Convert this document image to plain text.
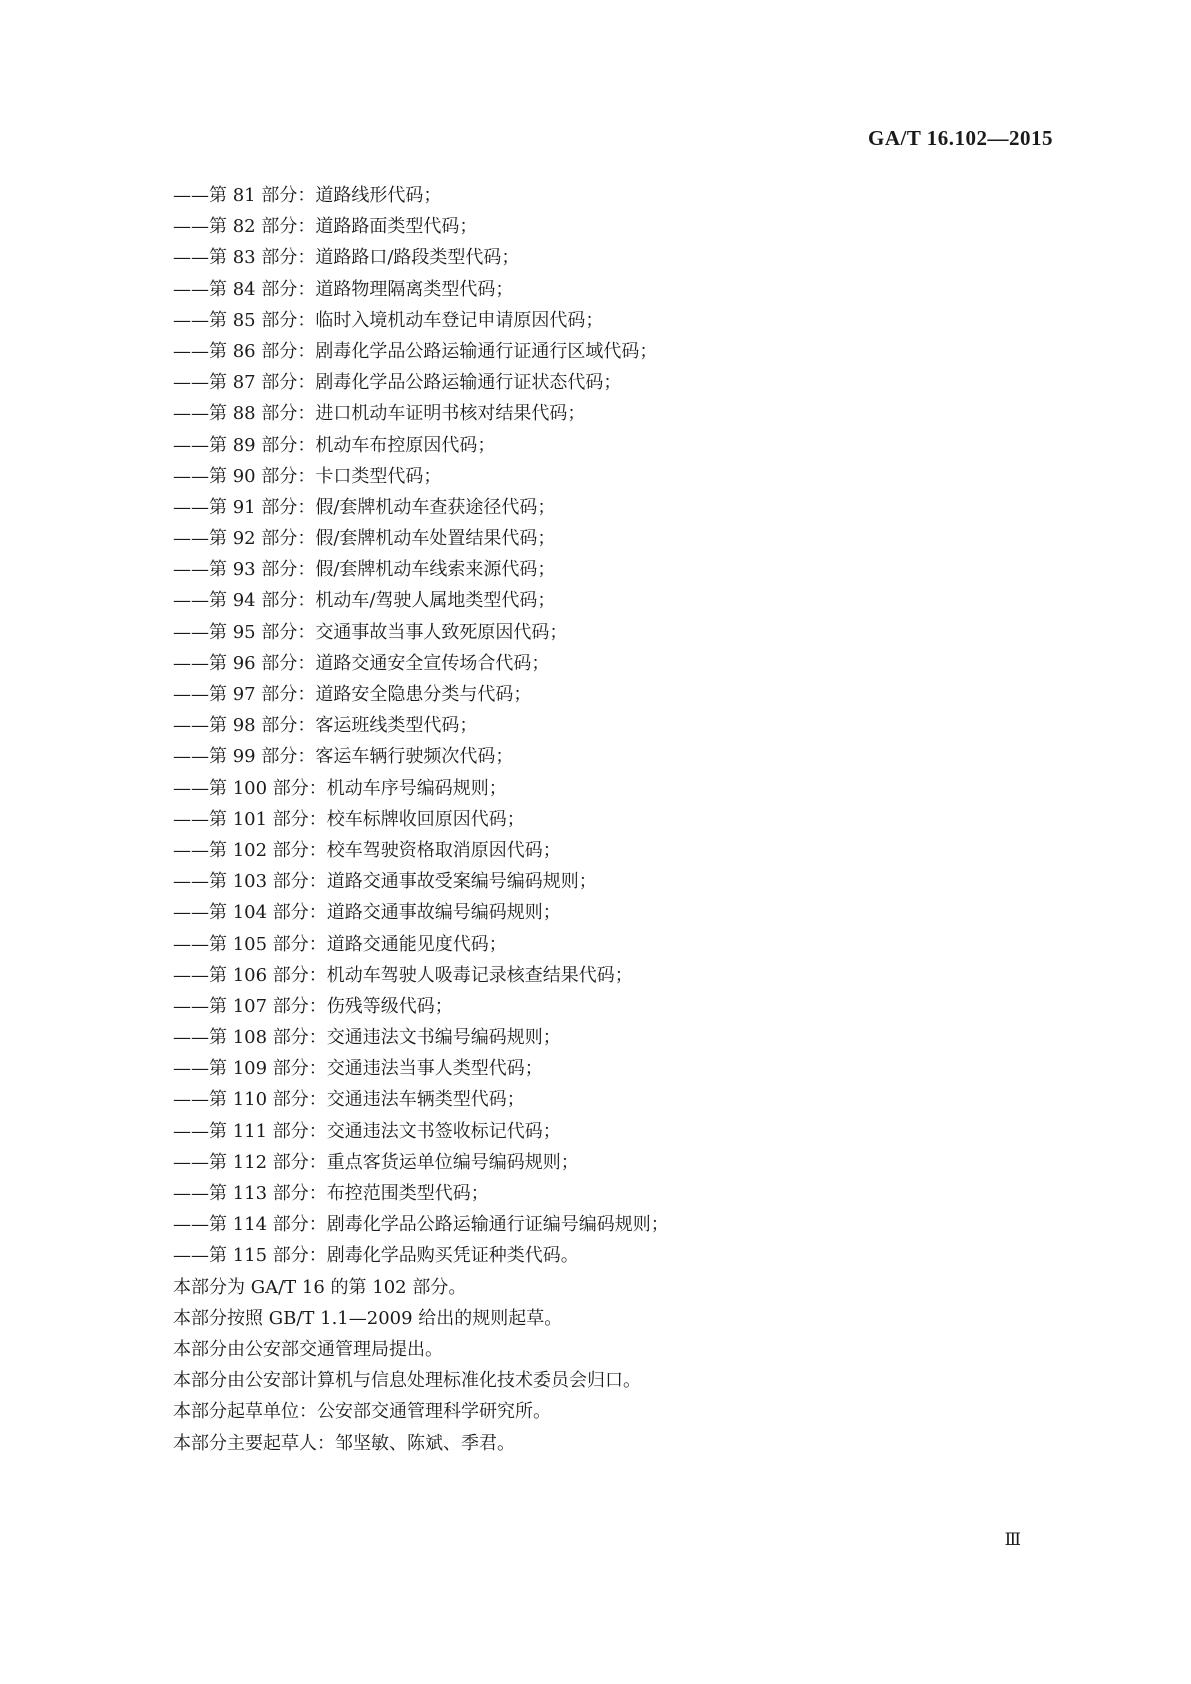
GA/T 16.102—2015
——第 81 部分：道路线形代码；
——第 82 部分：道路路面类型代码；
——第 83 部分：道路路口/路段类型代码；
——第 84 部分：道路物理隔离类型代码；
——第 85 部分：临时入境机动车登记申请原因代码；
——第 86 部分：剧毒化学品公路运输通行证通行区域代码；
——第 87 部分：剧毒化学品公路运输通行证状态代码；
——第 88 部分：进口机动车证明书核对结果代码；
——第 89 部分：机动车布控原因代码；
——第 90 部分：卡口类型代码；
——第 91 部分：假/套牌机动车查获途径代码；
——第 92 部分：假/套牌机动车处置结果代码；
——第 93 部分：假/套牌机动车线索来源代码；
——第 94 部分：机动车/驾驶人属地类型代码；
——第 95 部分：交通事故当事人致死原因代码；
——第 96 部分：道路交通安全宣传场合代码；
——第 97 部分：道路安全隐患分类与代码；
——第 98 部分：客运班线类型代码；
——第 99 部分：客运车辆行驶频次代码；
——第 100 部分：机动车序号编码规则；
——第 101 部分：校车标牌收回原因代码；
——第 102 部分：校车驾驶资格取消原因代码；
——第 103 部分：道路交通事故受案编号编码规则；
——第 104 部分：道路交通事故编号编码规则；
——第 105 部分：道路交通能见度代码；
——第 106 部分：机动车驾驶人吸毒记录核查结果代码；
——第 107 部分：伤残等级代码；
——第 108 部分：交通违法文书编号编码规则；
——第 109 部分：交通违法当事人类型代码；
——第 110 部分：交通违法车辆类型代码；
——第 111 部分：交通违法文书签收标记代码；
——第 112 部分：重点客货运单位编号编码规则；
——第 113 部分：布控范围类型代码；
——第 114 部分：剧毒化学品公路运输通行证编号编码规则；
——第 115 部分：剧毒化学品购买凭证种类代码。
本部分为 GA/T 16 的第 102 部分。
本部分按照 GB/T 1.1—2009 给出的规则起草。
本部分由公安部交通管理局提出。
本部分由公安部计算机与信息处理标准化技术委员会归口。
本部分起草单位：公安部交通管理科学研究所。
本部分主要起草人：邹坚敏、陈斌、季君。
Ⅲ
